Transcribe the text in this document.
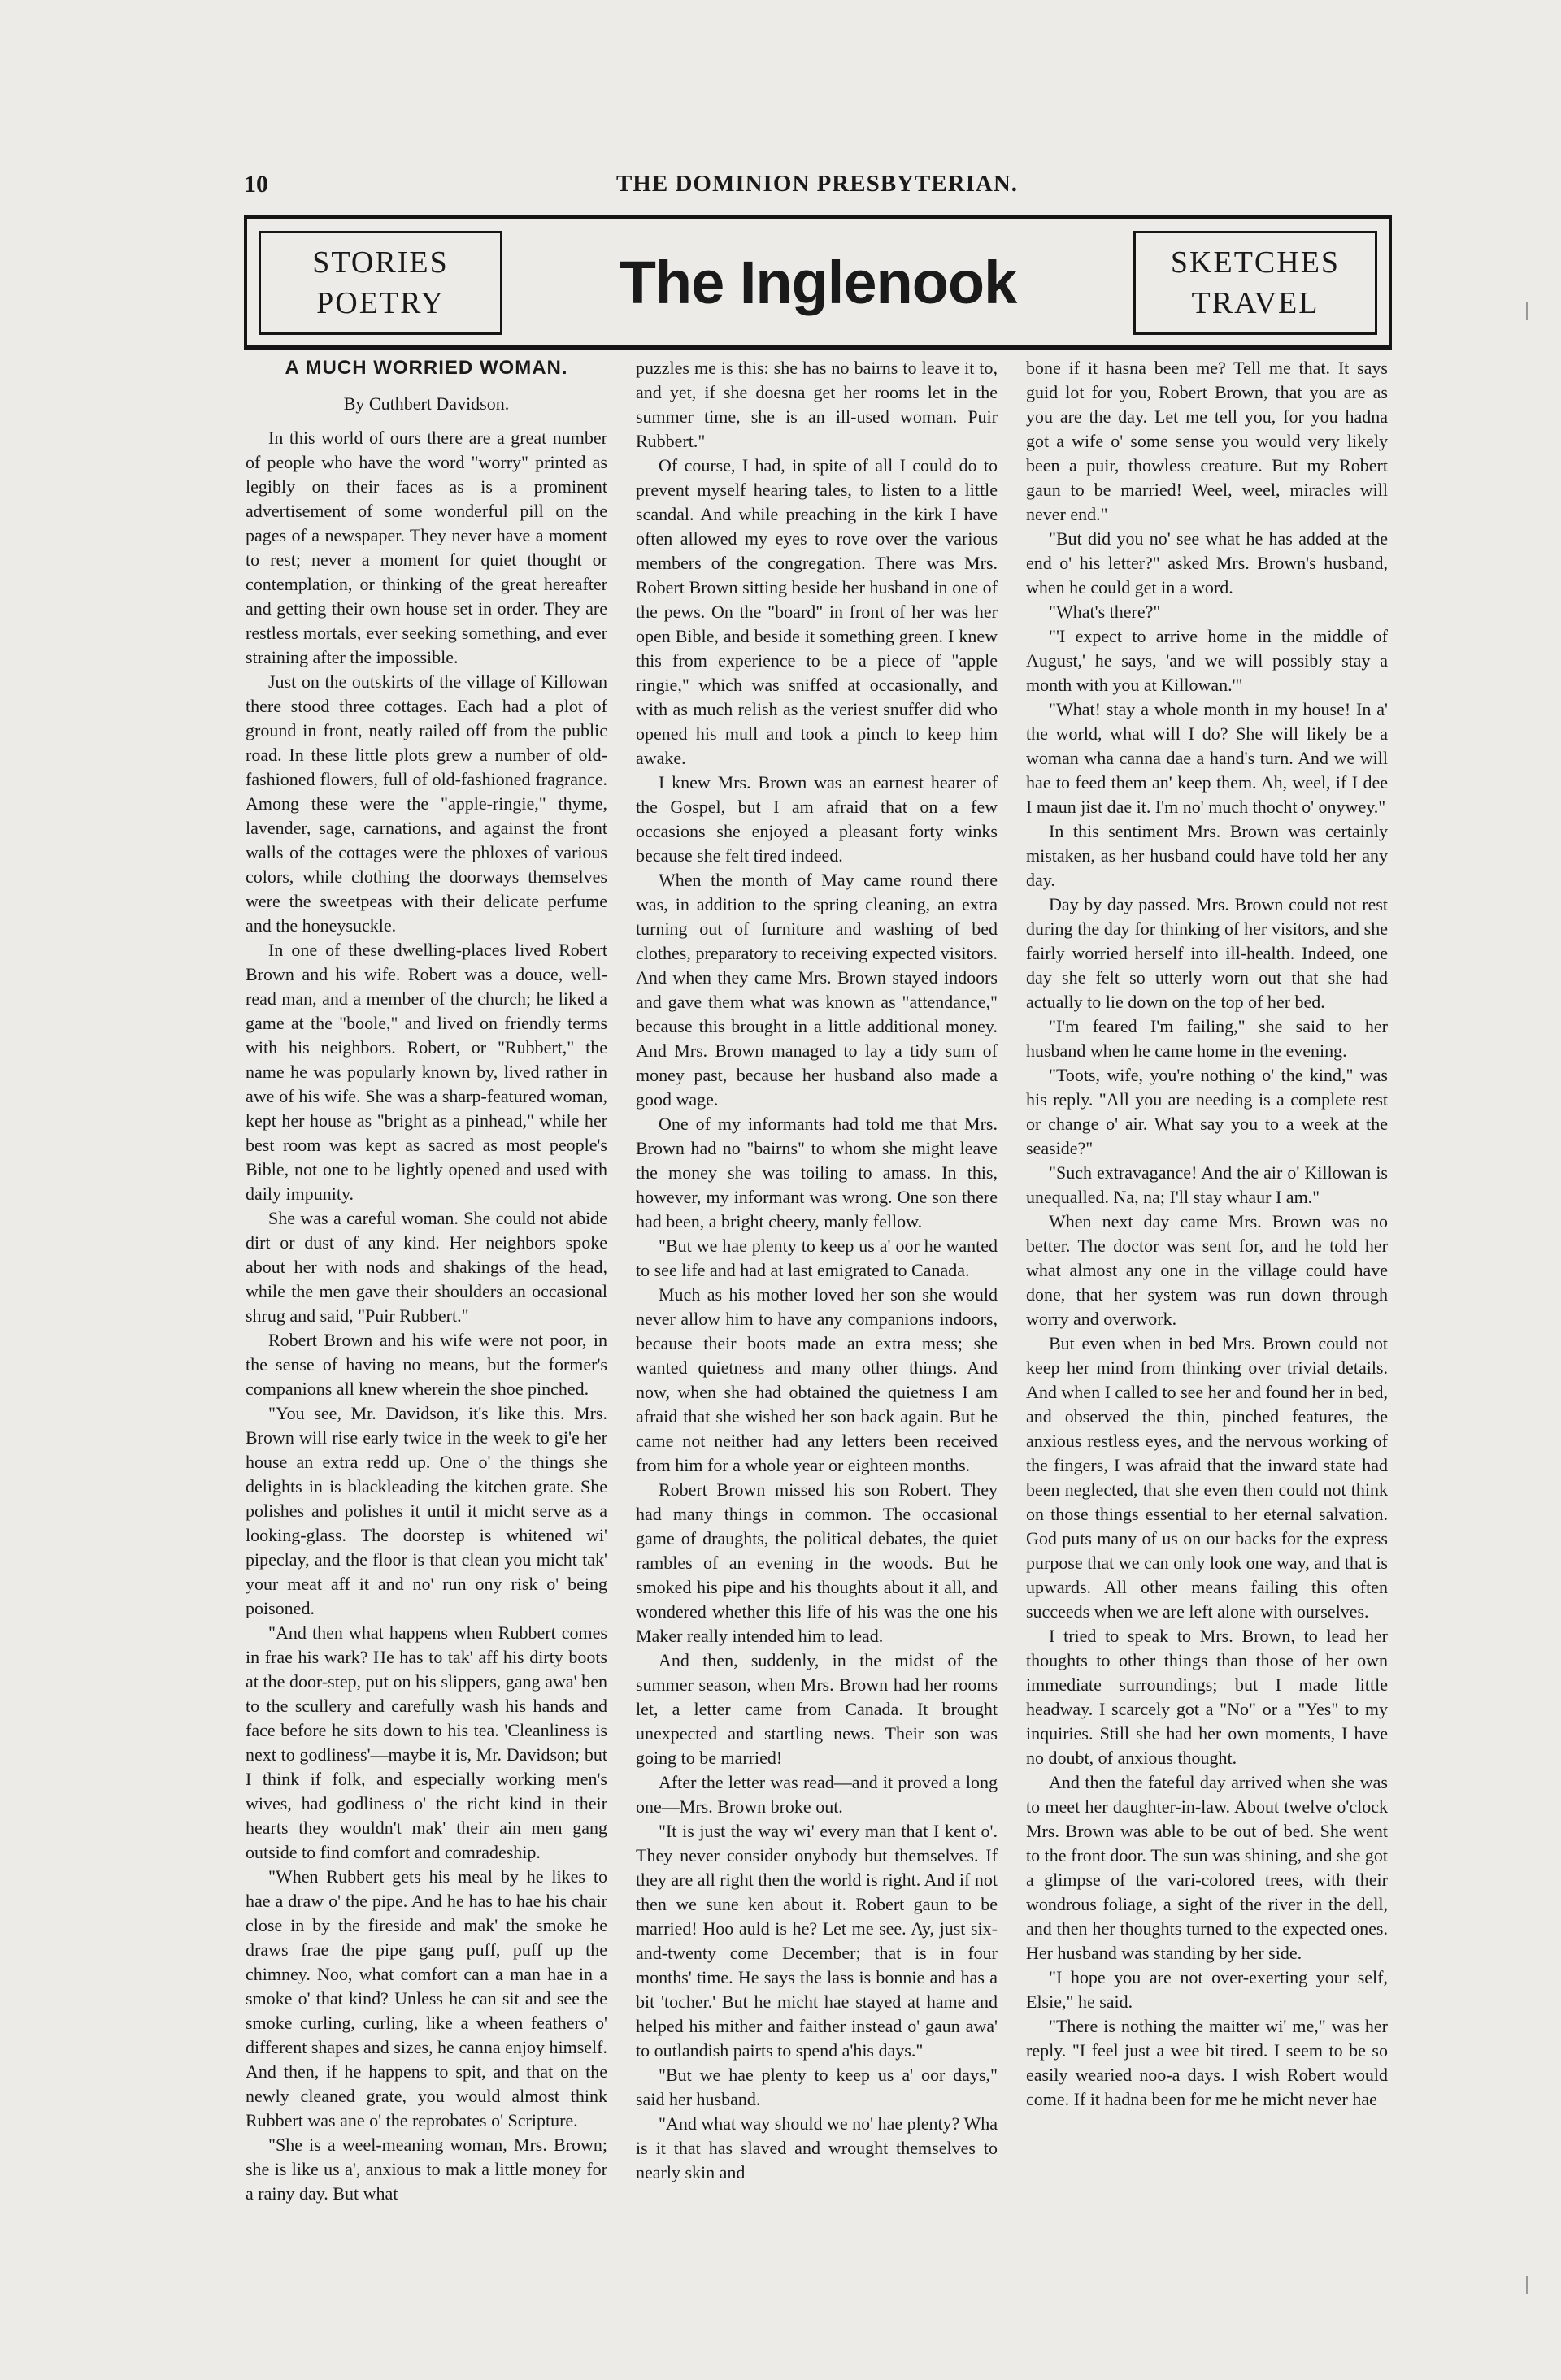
10	THE DOMINION PRESBYTERIAN.
STORIES
POETRY	The Inglenook	SKETCHES
TRAVEL
A MUCH WORRIED WOMAN.
By Cuthbert Davidson.

In this world of ours there are a great number of people who have the word "worry" printed as legibly on their faces as is a prominent advertisement of some wonderful pill on the pages of a newspaper. They never have a moment to rest; never a moment for quiet thought or contemplation, or thinking of the great hereafter and getting their own house set in order. They are restless mortals, ever seeking something, and ever straining after the impossible.

Just on the outskirts of the village of Killowan there stood three cottages. Each had a plot of ground in front, neatly railed off from the public road. In these little plots grew a number of old-fashioned flowers, full of old-fashioned fragrance. Among these were the "apple-ringie," thyme, lavender, sage, carnations, and against the front walls of the cottages were the phloxes of various colors, while clothing the doorways themselves were the sweetpeas with their delicate perfume and the honeysuckle.

In one of these dwelling-places lived Robert Brown and his wife. Robert was a douce, well-read man, and a member of the church; he liked a game at the "boole," and lived on friendly terms with his neighbors. Robert, or "Rubbert," the name he was popularly known by, lived rather in awe of his wife. She was a sharp-featured woman, kept her house as "bright as a pinhead," while her best room was kept as sacred as most people's Bible, not one to be lightly opened and used with daily impunity.

She was a careful woman. She could not abide dirt or dust of any kind. Her neighbors spoke about her with nods and shakings of the head, while the men gave their shoulders an occasional shrug and said, "Puir Rubbert."

Robert Brown and his wife were not poor, in the sense of having no means, but the former's companions all knew wherein the shoe pinched.

"You see, Mr. Davidson, it's like this. Mrs. Brown will rise early twice in the week to gi'e her house an extra redd up. One o' the things she delights in is blackleading the kitchen grate. She polishes and polishes it until it micht serve as a looking-glass. The doorstep is whitened wi' pipeclay, and the floor is that clean you micht tak' your meat aff it and no' run ony risk o' being poisoned.

"And then what happens when Rubbert comes in frae his wark? He has to tak' aff his dirty boots at the door-step, put on his slippers, gang awa' ben to the scullery and carefully wash his hands and face before he sits down to his tea. 'Cleanliness is next to godliness'—maybe it is, Mr. Davidson; but I think if folk, and especially working men's wives, had godliness o' the richt kind in their hearts they wouldn't mak' their ain men gang outside to find comfort and comradeship.

"When Rubbert gets his meal by he likes to hae a draw o' the pipe. And he has to hae his chair close in by the fireside and mak' the smoke he draws frae the pipe gang puff, puff up the chimney. Noo, what comfort can a man hae in a smoke o' that kind? Unless he can sit and see the smoke curling, curling, like a wheen feathers o' different shapes and sizes, he canna enjoy himself. And then, if he happens to spit, and that on the newly cleaned grate, you would almost think Rubbert was ane o' the reprobates o' Scripture.

"She is a weel-meaning woman, Mrs. Brown; she is like us a', anxious to mak a little money for a rainy day. But what

puzzles me is this: she has no bairns to leave it to, and yet, if she doesna get her rooms let in the summer time, she is an ill-used woman. Puir Rubbert."

Of course, I had, in spite of all I could do to prevent myself hearing tales, to listen to a little scandal. And while preaching in the kirk I have often allowed my eyes to rove over the various members of the congregation. There was Mrs. Robert Brown sitting beside her husband in one of the pews. On the "board" in front of her was her open Bible, and beside it something green. I knew this from experience to be a piece of "apple ringie," which was sniffed at occasionally, and with as much relish as the veriest snuffer did who opened his mull and took a pinch to keep him awake.

I knew Mrs. Brown was an earnest hearer of the Gospel, but I am afraid that on a few occasions she enjoyed a pleasant forty winks because she felt tired indeed.

When the month of May came round there was, in addition to the spring cleaning, an extra turning out of furniture and washing of bed clothes, preparatory to receiving expected visitors. And when they came Mrs. Brown stayed indoors and gave them what was known as "attendance," because this brought in a little additional money. And Mrs. Brown managed to lay a tidy sum of money past, because her husband also made a good wage.

One of my informants had told me that Mrs. Brown had no "bairns" to whom she might leave the money she was toiling to amass. In this, however, my informant was wrong. One son there had been, a bright cheery, manly fellow.

"But we hae plenty to keep us a' oor he wanted to see life and had at last emigrated to Canada.

Much as his mother loved her son she would never allow him to have any companions indoors, because their boots made an extra mess; she wanted quietness and many other things. And now, when she had obtained the quietness I am afraid that she wished her son back again. But he came not neither had any letters been received from him for a whole year or eighteen months.

Robert Brown missed his son Robert. They had many things in common. The occasional game of draughts, the political debates, the quiet rambles of an evening in the woods. But he smoked his pipe and his thoughts about it all, and wondered whether this life of his was the one his Maker really intended him to lead.

And then, suddenly, in the midst of the summer season, when Mrs. Brown had her rooms let, a letter came from Canada. It brought unexpected and startling news. Their son was going to be married!

After the letter was read—and it proved a long one—Mrs. Brown broke out.

"It is just the way wi' every man that I kent o'. They never consider onybody but themselves. If they are all right then the world is right. And if not then we sune ken about it. Robert gaun to be married! Hoo auld is he? Let me see. Ay, just six-and-twenty come December; that is in four months' time. He says the lass is bonnie and has a bit 'tocher.' But he micht hae stayed at hame and helped his mither and faither instead o' gaun awa' to outlandish pairts to spend a'his days."

"But we hae plenty to keep us a' oor days," said her husband.

"And what way should we no' hae plenty? Wha is it that has slaved and wrought themselves to nearly skin and

bone if it hasna been me? Tell me that. It says guid lot for you, Robert Brown, that you are as you are the day. Let me tell you, for you hadna got a wife o' some sense you would very likely been a puir, thowless creature. But my Robert gaun to be married! Weel, weel, miracles will never end."

"But did you no' see what he has added at the end o' his letter?" asked Mrs. Brown's husband, when he could get in a word.

"What's there?"

"'I expect to arrive home in the middle of August,' he says, 'and we will possibly stay a month with you at Killowan.'"

"What! stay a whole month in my house! In a' the world, what will I do? She will likely be a woman wha canna dae a hand's turn. And we will hae to feed them an' keep them. Ah, weel, if I dee I maun jist dae it. I'm no' much thocht o' onywey."

In this sentiment Mrs. Brown was certainly mistaken, as her husband could have told her any day.

Day by day passed. Mrs. Brown could not rest during the day for thinking of her visitors, and she fairly worried herself into ill-health. Indeed, one day she felt so utterly worn out that she had actually to lie down on the top of her bed.

"I'm feared I'm failing," she said to her husband when he came home in the evening.

"Toots, wife, you're nothing o' the kind," was his reply. "All you are needing is a complete rest or change o' air. What say you to a week at the seaside?"

"Such extravagance! And the air o' Killowan is unequalled. Na, na; I'll stay whaur I am."

When next day came Mrs. Brown was no better. The doctor was sent for, and he told her what almost any one in the village could have done, that her system was run down through worry and overwork.

But even when in bed Mrs. Brown could not keep her mind from thinking over trivial details. And when I called to see her and found her in bed, and observed the thin, pinched features, the anxious restless eyes, and the nervous working of the fingers, I was afraid that the inward state had been neglected, that she even then could not think on those things essential to her eternal salvation. God puts many of us on our backs for the express purpose that we can only look one way, and that is upwards. All other means failing this often succeeds when we are left alone with ourselves.

I tried to speak to Mrs. Brown, to lead her thoughts to other things than those of her own immediate surroundings; but I made little headway. I scarcely got a "No" or a "Yes" to my inquiries. Still she had her own moments, I have no doubt, of anxious thought.

And then the fateful day arrived when she was to meet her daughter-in-law. About twelve o'clock Mrs. Brown was able to be out of bed. She went to the front door. The sun was shining, and she got a glimpse of the vari-colored trees, with their wondrous foliage, a sight of the river in the dell, and then her thoughts turned to the expected ones. Her husband was standing by her side.

"I hope you are not over-exerting your self, Elsie," he said.

"There is nothing the maitter wi' me," was her reply. "I feel just a wee bit tired. I seem to be so easily wearied noo-a days. I wish Robert would come. If it hadna been for me he micht never hae
